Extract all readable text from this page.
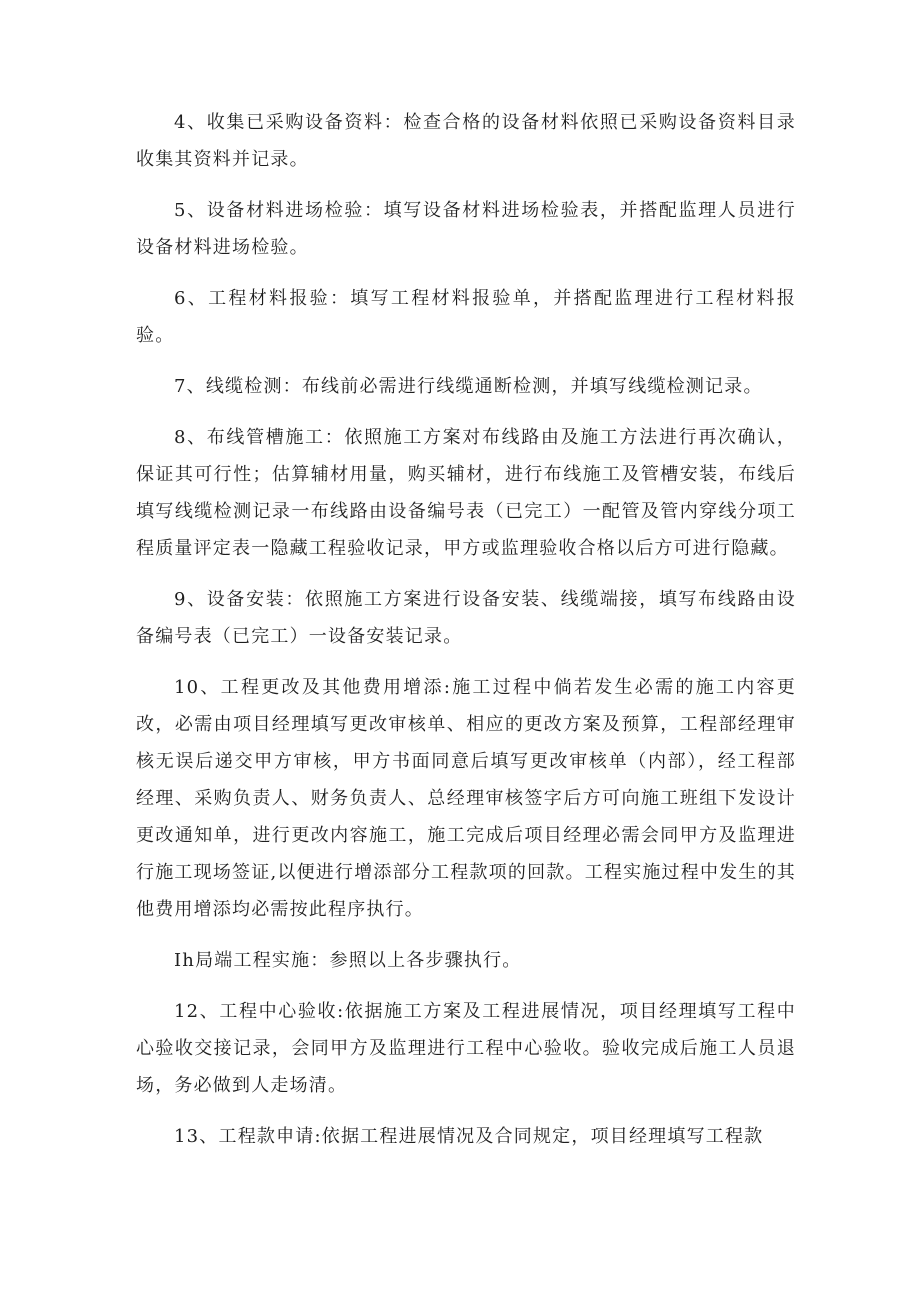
4、收集已采购设备资料：检查合格的设备材料依照已采购设备资料目录收集其资料并记录。

5、设备材料进场检验：填写设备材料进场检验表，并搭配监理人员进行设备材料进场检验。

6、工程材料报验：填写工程材料报验单，并搭配监理进行工程材料报验。

7、线缆检测：布线前必需进行线缆通断检测，并填写线缆检测记录。

8、布线管槽施工：依照施工方案对布线路由及施工方法进行再次确认，保证其可行性；估算辅材用量，购买辅材，进行布线施工及管槽安装，布线后填写线缆检测记录一布线路由设备编号表（已完工）一配管及管内穿线分项工程质量评定表一隐藏工程验收记录，甲方或监理验收合格以后方可进行隐藏。

9、设备安装：依照施工方案进行设备安装、线缆端接，填写布线路由设备编号表（已完工）一设备安装记录。

10、工程更改及其他费用增添:施工过程中倘若发生必需的施工内容更改，必需由项目经理填写更改审核单、相应的更改方案及预算，工程部经理审核无误后递交甲方审核，甲方书面同意后填写更改审核单（内部），经工程部经理、采购负责人、财务负责人、总经理审核签字后方可向施工班组下发设计更改通知单，进行更改内容施工，施工完成后项目经理必需会同甲方及监理进行施工现场签证,以便进行增添部分工程款项的回款。工程实施过程中发生的其他费用增添均必需按此程序执行。

Ih局端工程实施：参照以上各步骤执行。

12、工程中心验收:依据施工方案及工程进展情况，项目经理填写工程中心验收交接记录，会同甲方及监理进行工程中心验收。验收完成后施工人员退场，务必做到人走场清。

13、工程款申请:依据工程进展情况及合同规定，项目经理填写工程款
